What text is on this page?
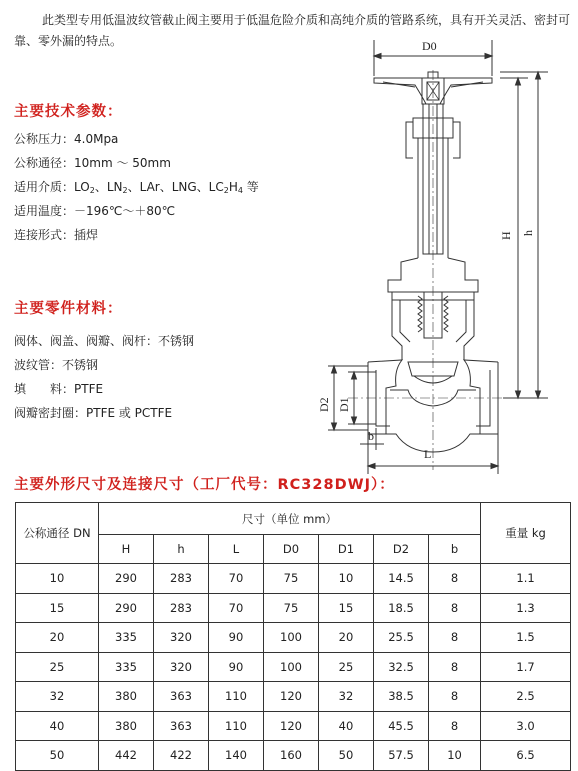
此类型专用低温波纹管截止阀主要用于低温危险介质和高纯介质的管路系统，具有开关灵活、密封可靠、零外漏的特点。

主要技术参数：
公称压力：4.0Mpa
公称通径：10mm ～ 50mm
适用介质：$LO_2$、$LN_2$、LAr、LNG、$LC_2H_4$ 等
适用温度：－196℃～＋80℃
连接形式：插焊
主要零件材料：
阀体、阀盖、阀瓣、阀杆：不锈钢
波纹管：不锈钢
填　　料：PTFE
阀瓣密封圈：PTFE 或 PCTFE
D0
H h
D2 D1
b
L
主要外形尺寸及连接尺寸（工厂代号：RC328DWJ）：
公称通径 DN	尺寸（单位 mm）							重量 kg
	H	h	L	D0	D1	D2	b	
10	290	283	70	75	10	14.5	8	1.1
15	290	283	70	75	15	18.5	8	1.3
20	335	320	90	100	20	25.5	8	1.5
25	335	320	90	100	25	32.5	8	1.7
32	380	363	110	120	32	38.5	8	2.5
40	380	363	110	120	40	45.5	8	3.0
50	442	422	140	160	50	57.5	10	6.5
